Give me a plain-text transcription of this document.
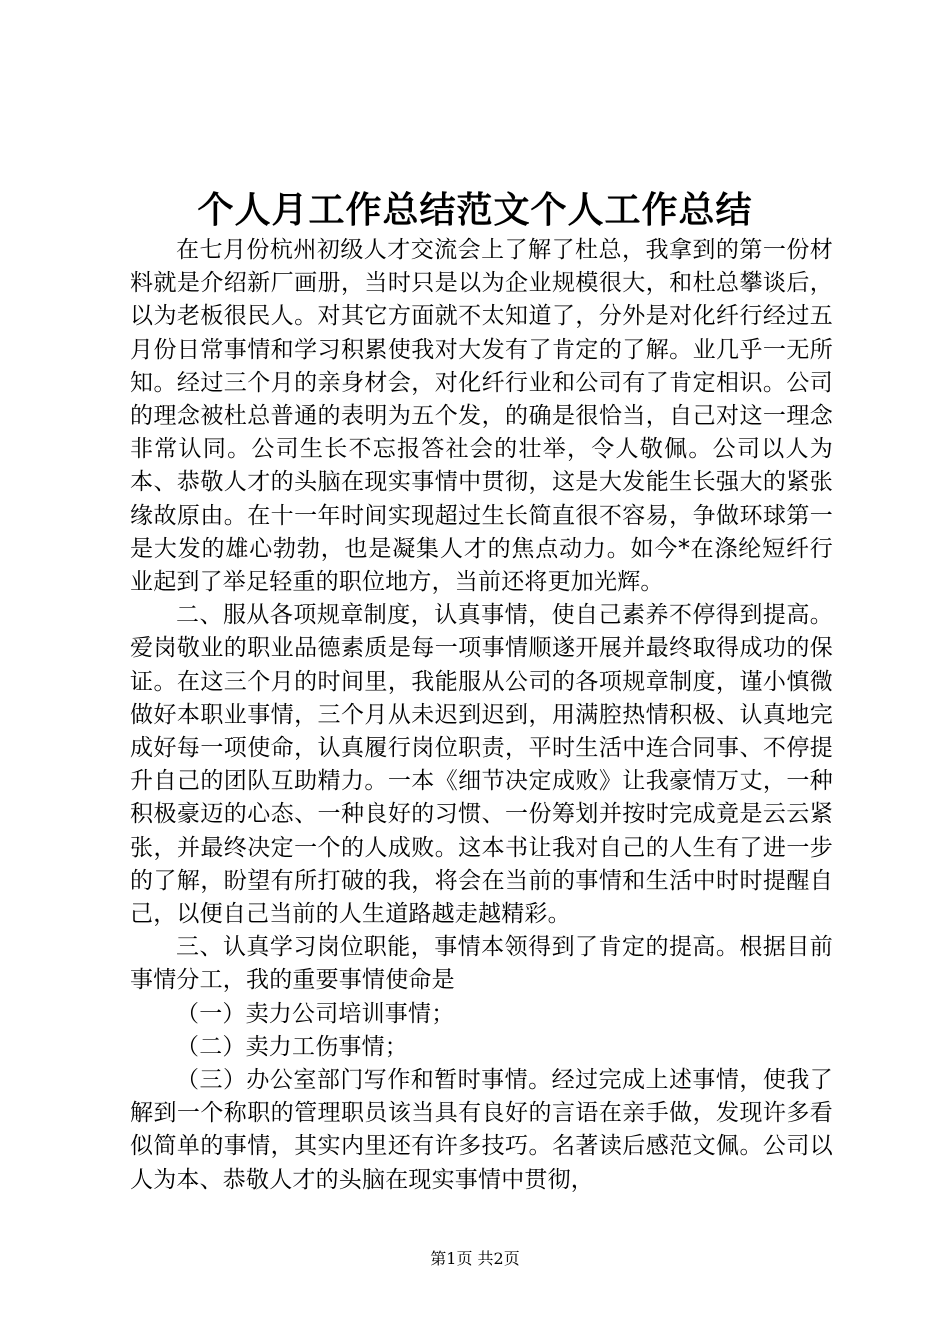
个人月工作总结范文个人工作总结

在七月份杭州初级人才交流会上了解了杜总，我拿到的第一份材料就是介绍新厂画册，当时只是以为企业规模很大，和杜总攀谈后，以为老板很民人。对其它方面就不太知道了，分外是对化纤行经过五月份日常事情和学习积累使我对大发有了肯定的了解。业几乎一无所知。经过三个月的亲身材会，对化纤行业和公司有了肯定相识。公司的理念被杜总普通的表明为五个发，的确是很恰当，自己对这一理念非常认同。公司生长不忘报答社会的壮举，令人敬佩。公司以人为本、恭敬人才的头脑在现实事情中贯彻，这是大发能生长强大的紧张缘故原由。在十一年时间实现超过生长简直很不容易，争做环球第一是大发的雄心勃勃，也是凝集人才的焦点动力。如今*在涤纶短纤行业起到了举足轻重的职位地方，当前还将更加光辉。

二、服从各项规章制度，认真事情，使自己素养不停得到提高。爱岗敬业的职业品德素质是每一项事情顺遂开展并最终取得成功的保证。在这三个月的时间里，我能服从公司的各项规章制度，谨小慎微做好本职业事情，三个月从未迟到迟到，用满腔热情积极、认真地完成好每一项使命，认真履行岗位职责，平时生活中连合同事、不停提升自己的团队互助精力。一本《细节决定成败》让我豪情万丈，一种积极豪迈的心态、一种良好的习惯、一份筹划并按时完成竟是云云紧张，并最终决定一个的人成败。这本书让我对自己的人生有了进一步的了解，盼望有所打破的我，将会在当前的事情和生活中时时提醒自己，以便自己当前的人生道路越走越精彩。

三、认真学习岗位职能，事情本领得到了肯定的提高。根据目前事情分工，我的重要事情使命是

（一）卖力公司培训事情；

（二）卖力工伤事情；

（三）办公室部门写作和暂时事情。经过完成上述事情，使我了解到一个称职的管理职员该当具有良好的言语在亲手做，发现许多看似简单的事情，其实内里还有许多技巧。名著读后感范文佩。公司以人为本、恭敬人才的头脑在现实事情中贯彻，

第1页 共2页
